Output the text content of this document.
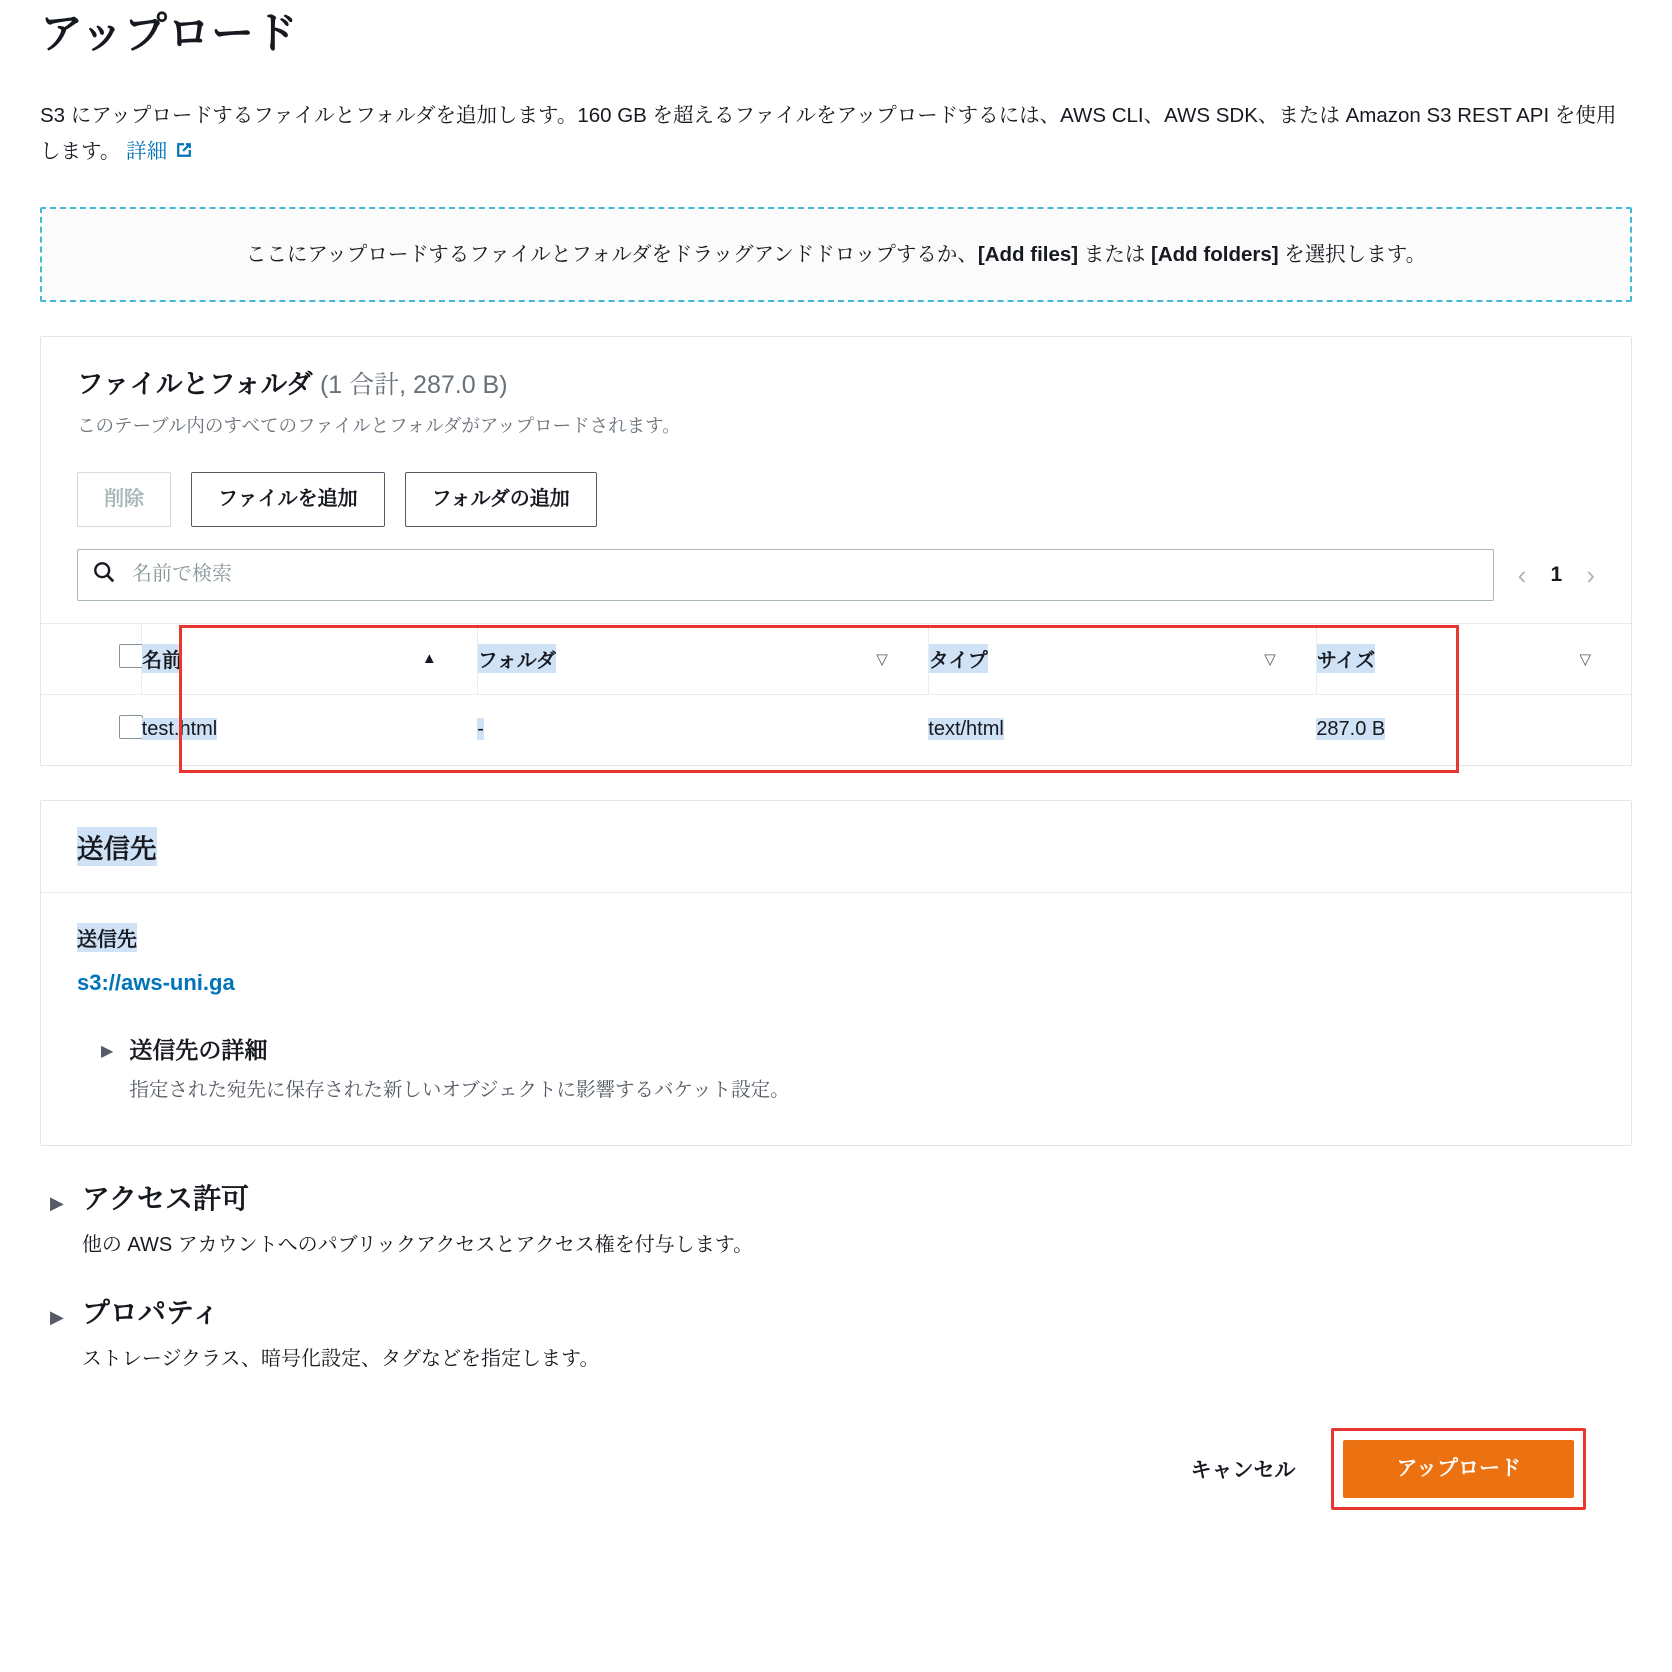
アップロード

S3 にアップロードするファイルとフォルダを追加します。160 GB を超えるファイルをアップロードするには、AWS CLI、AWS SDK、または Amazon S3 REST API を使用します。 詳細

ここにアップロードするファイルとフォルダをドラッグアンドドロップするか、[Add files] または [Add folders] を選択します。
ファイルとフォルダ (1 合計, 287.0 B)

このテーブル内のすべてのファイルとフォルダがアップロードされます。

削除	ファイルを追加	フォルダの追加
名前で検索
‹ 1 ›

	名前 ▲	フォルダ ▽	タイプ ▽	サイズ ▽

	test.html	-	text/html	287.0 B
送信先
送信先
s3://aws-uni.ga
▶ 送信先の詳細

指定された宛先に保存された新しいオブジェクトに影響するバケット設定。

▶ アクセス許可

他の AWS アカウントへのパブリックアクセスとアクセス権を付与します。

▶ プロパティ

ストレージクラス、暗号化設定、タグなどを指定します。

キャンセル	アップロード
